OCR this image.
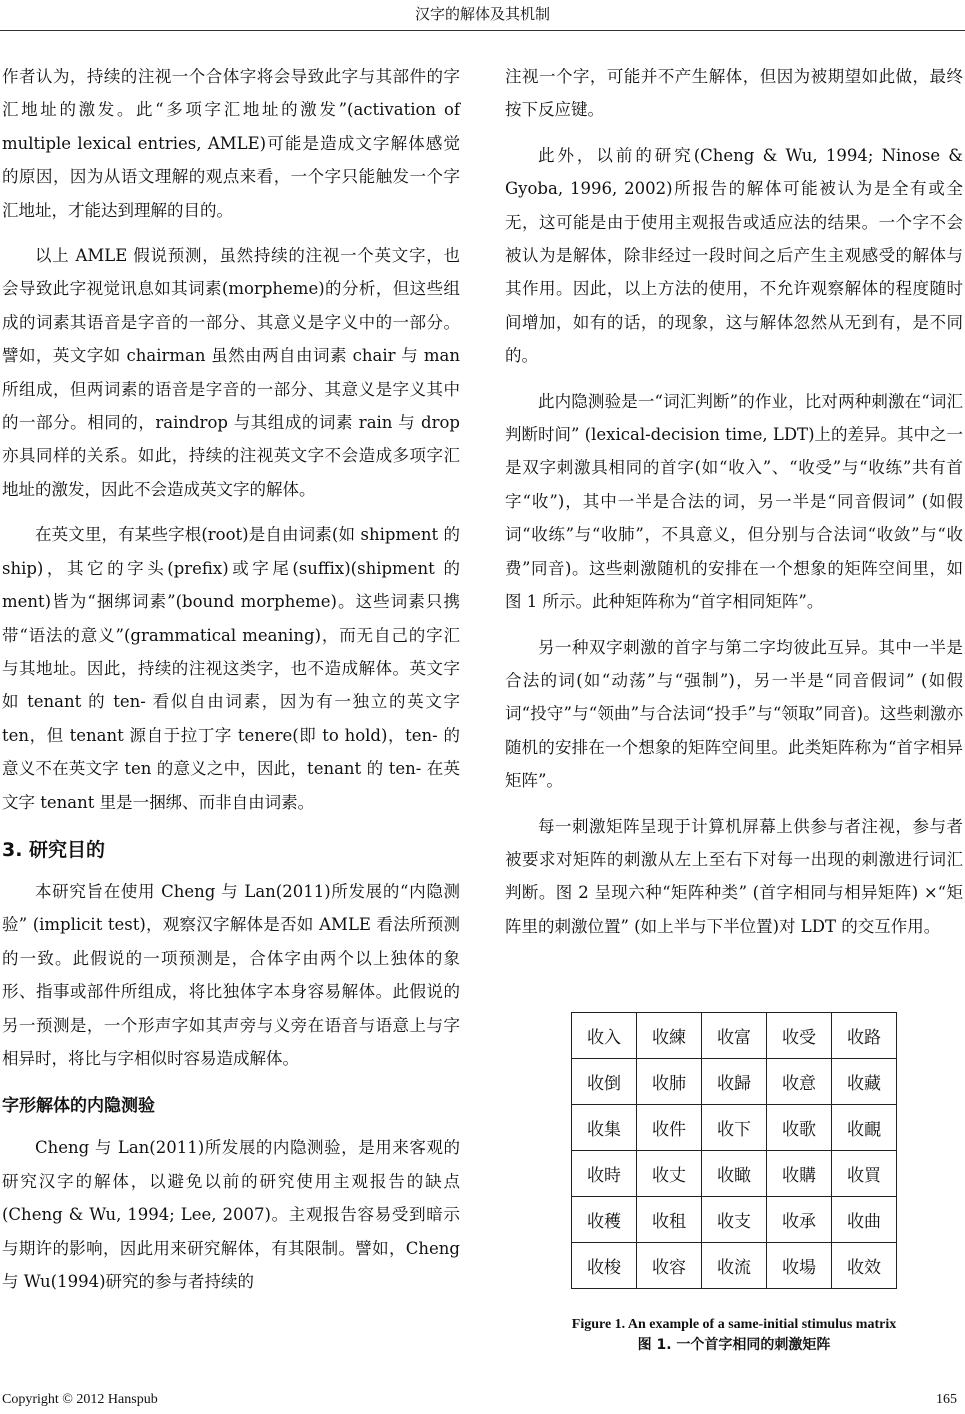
汉字的解体及其机制

作者认为，持续的注视一个合体字将会导致此字与其部件的字汇地址的激发。此“多项字汇地址的激发”(activation of multiple lexical entries, AMLE)可能是造成文字解体感觉的原因，因为从语文理解的观点来看，一个字只能触发一个字汇地址，才能达到理解的目的。

以上 AMLE 假说预测，虽然持续的注视一个英文字，也会导致此字视觉讯息如其词素(morpheme)的分析，但这些组成的词素其语音是字音的一部分、其意义是字义中的一部分。譬如，英文字如 chairman 虽然由两自由词素 chair 与 man 所组成，但两词素的语音是字音的一部分、其意义是字义其中的一部分。相同的，raindrop 与其组成的词素 rain 与 drop 亦具同样的关系。如此，持续的注视英文字不会造成多项字汇地址的激发，因此不会造成英文字的解体。

在英文里，有某些字根(root)是自由词素(如 shipment 的 ship)，其它的字头(prefix)或字尾(suffix)(shipment 的 ment)皆为“捆绑词素”(bound morpheme)。这些词素只携带“语法的意义”(grammatical meaning)，而无自己的字汇与其地址。因此，持续的注视这类字，也不造成解体。英文字如 tenant 的 ten- 看似自由词素，因为有一独立的英文字 ten，但 tenant 源自于拉丁字 tenere(即 to hold)，ten- 的意义不在英文字 ten 的意义之中，因此，tenant 的 ten- 在英文字 tenant 里是一捆绑、而非自由词素。

3. 研究目的

本研究旨在使用 Cheng 与 Lan(2011)所发展的“内隐测验” (implicit test)，观察汉字解体是否如 AMLE 看法所预测的一致。此假说的一项预测是，合体字由两个以上独体的象形、指事或部件所组成，将比独体字本身容易解体。此假说的另一预测是，一个形声字如其声旁与义旁在语音与语意上与字相异时，将比与字相似时容易造成解体。

字形解体的内隐测验

Cheng 与 Lan(2011)所发展的内隐测验，是用来客观的研究汉字的解体，以避免以前的研究使用主观报告的缺点(Cheng & Wu, 1994; Lee, 2007)。主观报告容易受到暗示与期许的影响，因此用来研究解体，有其限制。譬如，Cheng 与 Wu(1994)研究的参与者持续的

注视一个字，可能并不产生解体，但因为被期望如此做，最终按下反应键。

此外，以前的研究(Cheng & Wu, 1994; Ninose & Gyoba, 1996, 2002)所报告的解体可能被认为是全有或全无，这可能是由于使用主观报告或适应法的结果。一个字不会被认为是解体，除非经过一段时间之后产生主观感受的解体与其作用。因此，以上方法的使用，不允许观察解体的程度随时间增加，如有的话，的现象，这与解体忽然从无到有，是不同的。

此内隐测验是一“词汇判断”的作业，比对两种刺激在“词汇判断时间” (lexical-decision time, LDT)上的差异。其中之一是双字刺激具相同的首字(如“收入”、“收受”与“收练”共有首字“收”)，其中一半是合法的词，另一半是“同音假词” (如假词“收练”与“收肺”，不具意义，但分别与合法词“收敛”与“收费”同音)。这些刺激随机的安排在一个想象的矩阵空间里，如图 1 所示。此种矩阵称为“首字相同矩阵”。

另一种双字刺激的首字与第二字均彼此互异。其中一半是合法的词(如“动荡”与“强制”)，另一半是“同音假词” (如假词“投守”与“领曲”与合法词“投手”与“领取”同音)。这些刺激亦随机的安排在一个想象的矩阵空间里。此类矩阵称为“首字相异矩阵”。

每一刺激矩阵呈现于计算机屏幕上供参与者注视，参与者被要求对矩阵的刺激从左上至右下对每一出现的刺激进行词汇判断。图 2 呈现六种“矩阵种类” (首字相同与相异矩阵) ×“矩阵里的刺激位置” (如上半与下半位置)对 LDT 的交互作用。

收入	收練	收富	收受	收路
收倒	收肺	收歸	收意	收藏
收集	收件	收下	收歌	收靦
收時	收丈	收瞰	收購	收買
收穫	收租	收支	收承	收曲
收梭	收容	收流	收場	收效
Figure 1. An example of a same-initial stimulus matrix
图 1. 一个首字相同的刺激矩阵
Copyright © 2012 Hanspub	165
